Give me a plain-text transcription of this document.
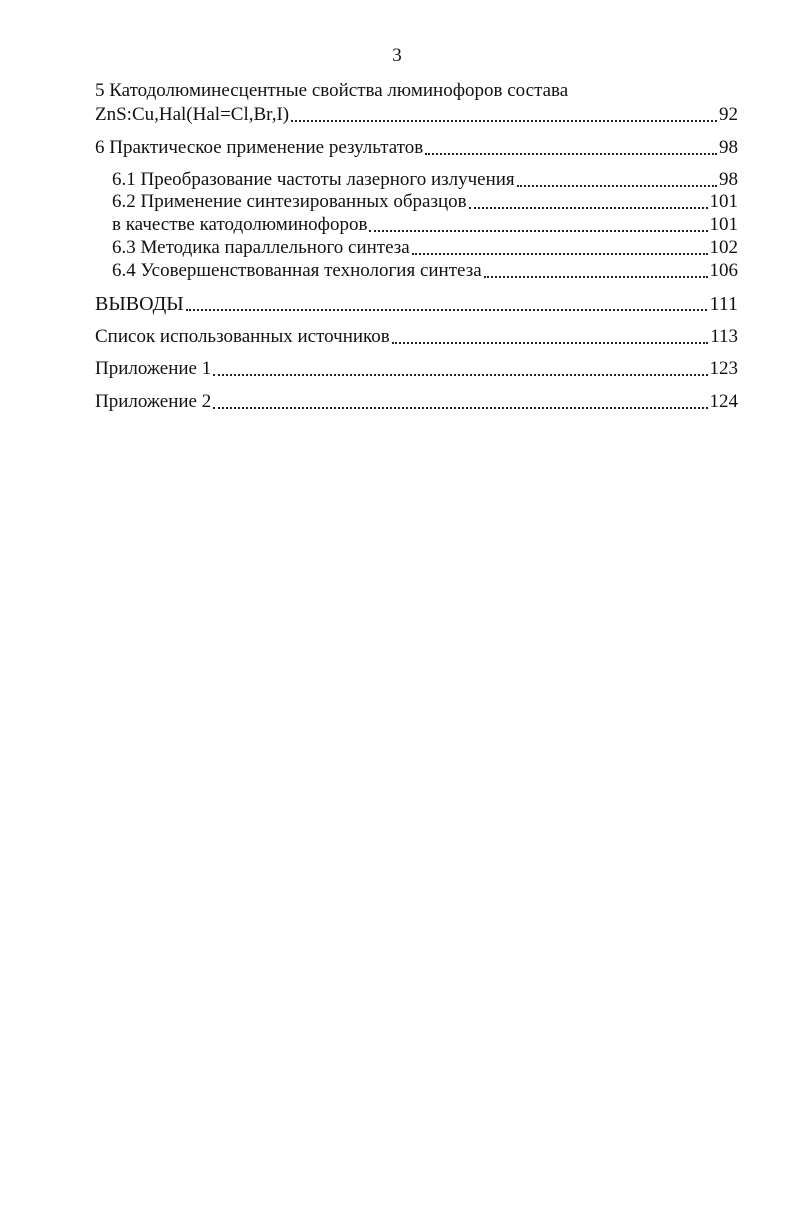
3
5 Катодолюминесцентные свойства люминофоров состава
ZnS:Cu,Hal(Hal=Cl,Br,I)	92
6 Практическое применение результатов	98
6.1 Преобразование частоты лазерного излучения	98
6.2 Применение синтезированных образцов	101
в качестве катодолюминофоров	101
6.3 Методика параллельного синтеза	102
6.4 Усовершенствованная технология синтеза	106
ВЫВОДЫ	111
Список использованных источников	113
Приложение 1	123
Приложение 2	124
